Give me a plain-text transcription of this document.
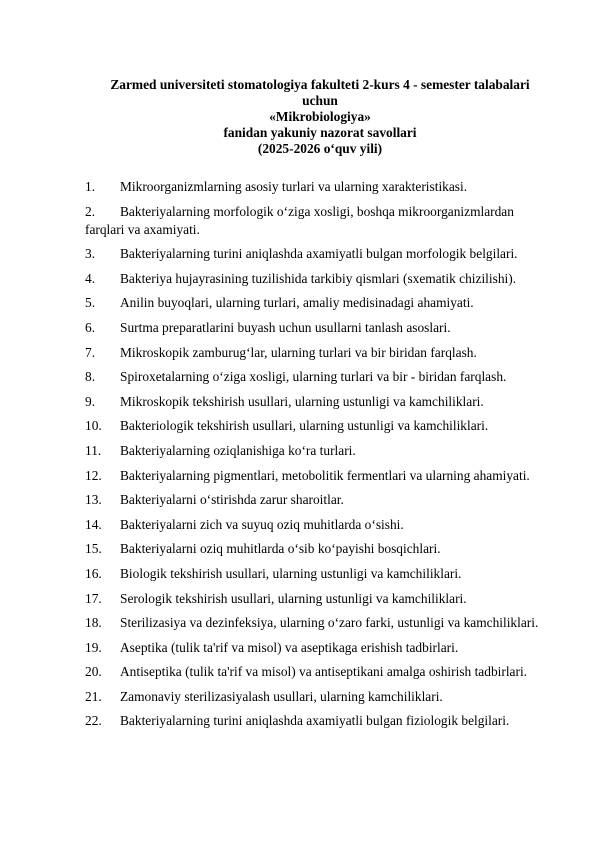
Zarmed universiteti stomatologiya fakulteti 2-kurs 4 - semester talabalari
uchun
«Mikrobiologiya»
fanidan yakuniy nazorat savollari
(2025-2026 oʻquv yili)
1. Mikroorganizmlarning asosiy turlari va ularning xarakteristikasi.
2. Bakteriyalarning morfologik oʻziga xosligi, boshqa mikroorganizmlardan farqlari va axamiyati.
3. Bakteriyalarning turini aniqlashda axamiyatli bulgan morfologik belgilari.
4. Bakteriya hujayrasining tuzilishida tarkibiy qismlari (sxematik chizilishi).
5. Anilin buyoqlari, ularning turlari, amaliy medisinadagi ahamiyati.
6. Surtma preparatlarini buyash uchun usullarni tanlash asoslari.
7. Mikroskopik zamburugʻlar, ularning turlari va bir biridan farqlash.
8. Spiroxetalarning oʻziga xosligi, ularning turlari va bir - biridan farqlash.
9. Mikroskopik tekshirish usullari, ularning ustunligi va kamchiliklari.
10. Bakteriologik tekshirish usullari, ularning ustunligi va kamchiliklari.
11. Bakteriyalarning oziqlanishiga koʻra turlari.
12. Bakteriyalarning pigmentlari, metobolitik fermentlari va ularning ahamiyati.
13. Bakteriyalarni oʻstirishda zarur sharoitlar.
14. Bakteriyalarni zich va suyuq oziq muhitlarda oʻsishi.
15. Bakteriyalarni oziq muhitlarda oʻsib koʻpayishi bosqichlari.
16. Biologik tekshirish usullari, ularning ustunligi va kamchiliklari.
17. Serologik tekshirish usullari, ularning ustunligi va kamchiliklari.
18. Sterilizasiya va dezinfeksiya, ularning oʻzaro farki, ustunligi va kamchiliklari.
19. Aseptika (tulik ta'rif va misol) va aseptikaga erishish tadbirlari.
20. Antiseptika (tulik ta'rif va misol) va antiseptikani amalga oshirish tadbirlari.
21. Zamonaviy sterilizasiyalash usullari, ularning kamchiliklari.
22. Bakteriyalarning turini aniqlashda axamiyatli bulgan fiziologik belgilari.
